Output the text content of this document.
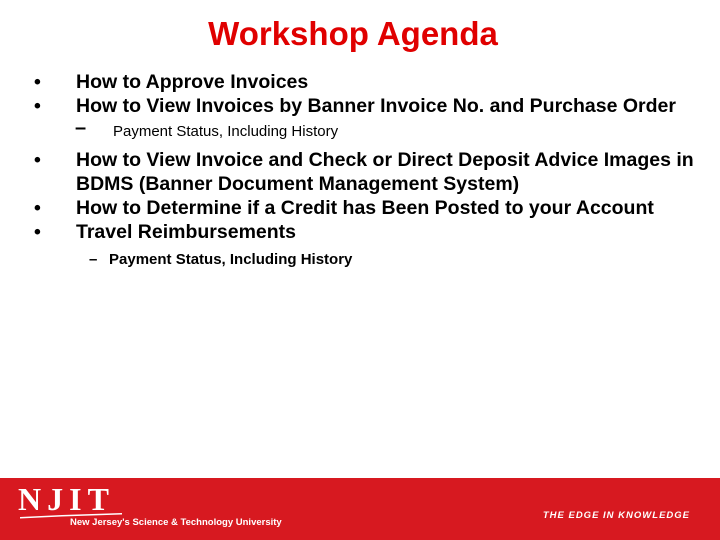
Workshop Agenda
•	How to Approve Invoices
•	How to View Invoices by Banner Invoice No. and Purchase Order
– Payment Status, Including History
•	How to View Invoice and Check or Direct Deposit Advice Images in BDMS (Banner Document Management System)
•	How to Determine if a Credit has Been Posted to your Account
•	Travel Reimbursements
– Payment Status, Including History
NJIT
New Jersey's Science & Technology University
THE EDGE IN KNOWLEDGE
